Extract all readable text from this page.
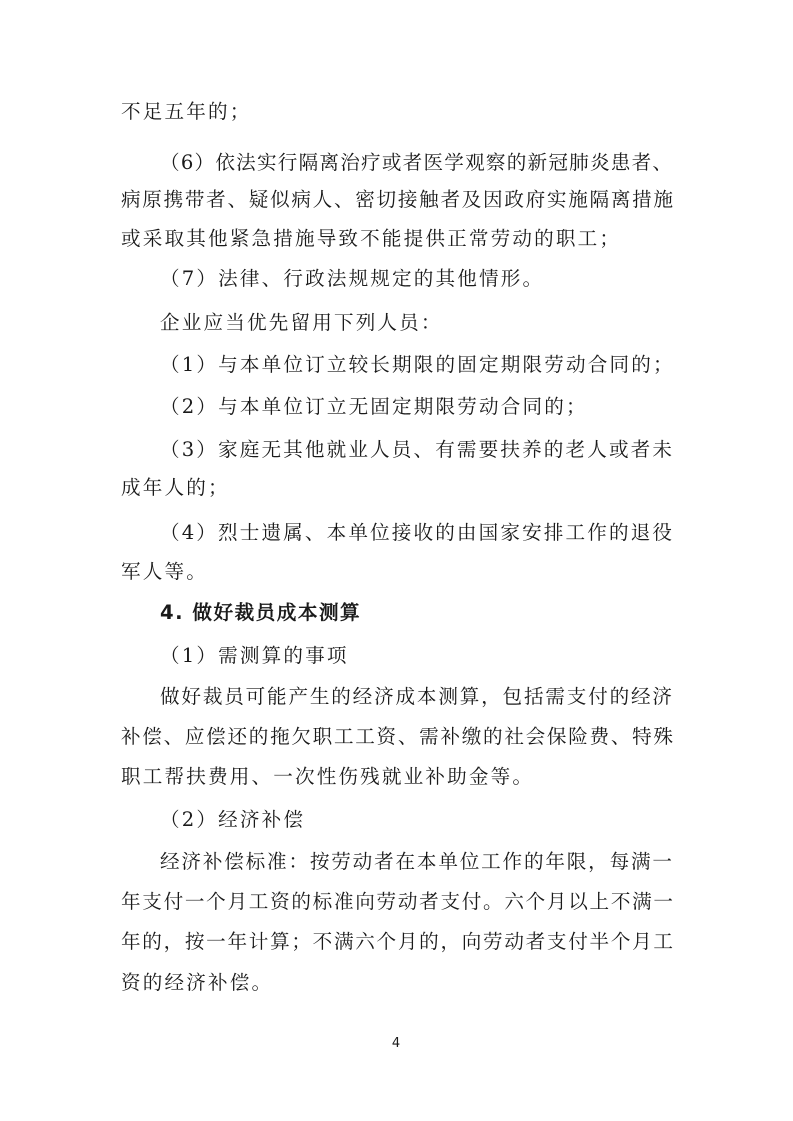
不足五年的；
（6）依法实行隔离治疗或者医学观察的新冠肺炎患者、
病原携带者、疑似病人、密切接触者及因政府实施隔离措施
或采取其他紧急措施导致不能提供正常劳动的职工；
（7）法律、行政法规规定的其他情形。
企业应当优先留用下列人员：
（1）与本单位订立较长期限的固定期限劳动合同的；
（2）与本单位订立无固定期限劳动合同的；
（3）家庭无其他就业人员、有需要扶养的老人或者未
成年人的；
（4）烈士遗属、本单位接收的由国家安排工作的退役
军人等。
4. 做好裁员成本测算
（1）需测算的事项
做好裁员可能产生的经济成本测算，包括需支付的经济
补偿、应偿还的拖欠职工工资、需补缴的社会保险费、特殊
职工帮扶费用、一次性伤残就业补助金等。
（2）经济补偿
经济补偿标准：按劳动者在本单位工作的年限，每满一
年支付一个月工资的标准向劳动者支付。六个月以上不满一
年的，按一年计算；不满六个月的，向劳动者支付半个月工
资的经济补偿。
4
